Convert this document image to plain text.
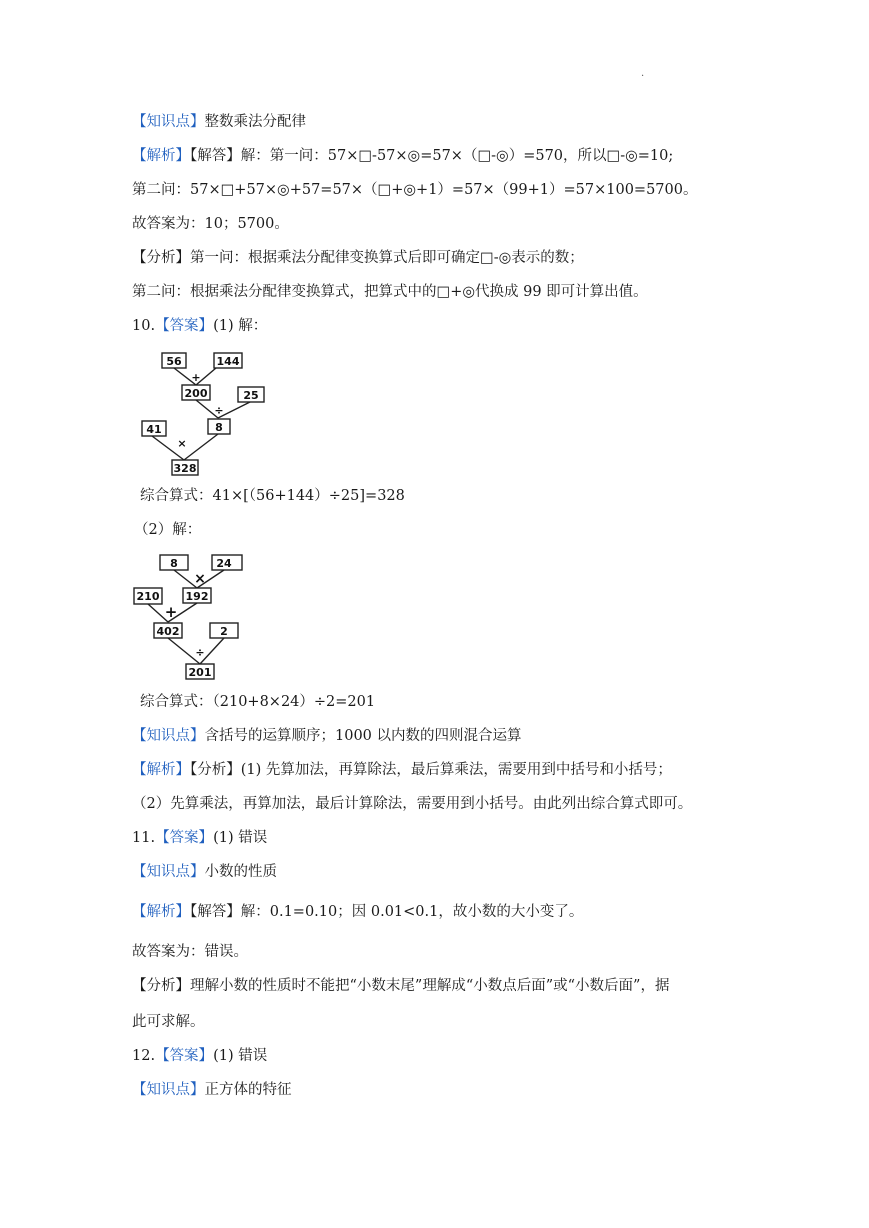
.
【知识点】整数乘法分配律
【解析】【解答】解：第一问：57×□-57×◎=57×（□-◎）=570，所以□-◎=10;
第二问：57×□+57×◎+57=57×（□+◎+1）=57×（99+1）=57×100=5700。
故答案为：10；5700。
【分析】第一问：根据乘法分配律变换算式后即可确定□-◎表示的数；
第二问：根据乘法分配律变换算式，把算式中的□+◎代换成 99 即可计算出值。
10.【答案】(1) 解：
56	144
200	25
8
41
328
+
÷
×
综合算式：41×[（56+144）÷25]=328
（2）解：
8	24
192
210
402	2
201
×
+
÷
综合算式：（210+8×24）÷2=201
【知识点】含括号的运算顺序；1000 以内数的四则混合运算
【解析】【分析】(1) 先算加法，再算除法，最后算乘法，需要用到中括号和小括号；
（2）先算乘法，再算加法，最后计算除法，需要用到小括号。由此列出综合算式即可。
11.【答案】(1) 错误
【知识点】小数的性质
【解析】【解答】解：0.1=0.10；因 0.01<0.1，故小数的大小变了。
故答案为：错误。
【分析】理解小数的性质时不能把“小数末尾”理解成“小数点后面”或“小数后面”，据
此可求解。
12.【答案】(1) 错误
【知识点】正方体的特征
